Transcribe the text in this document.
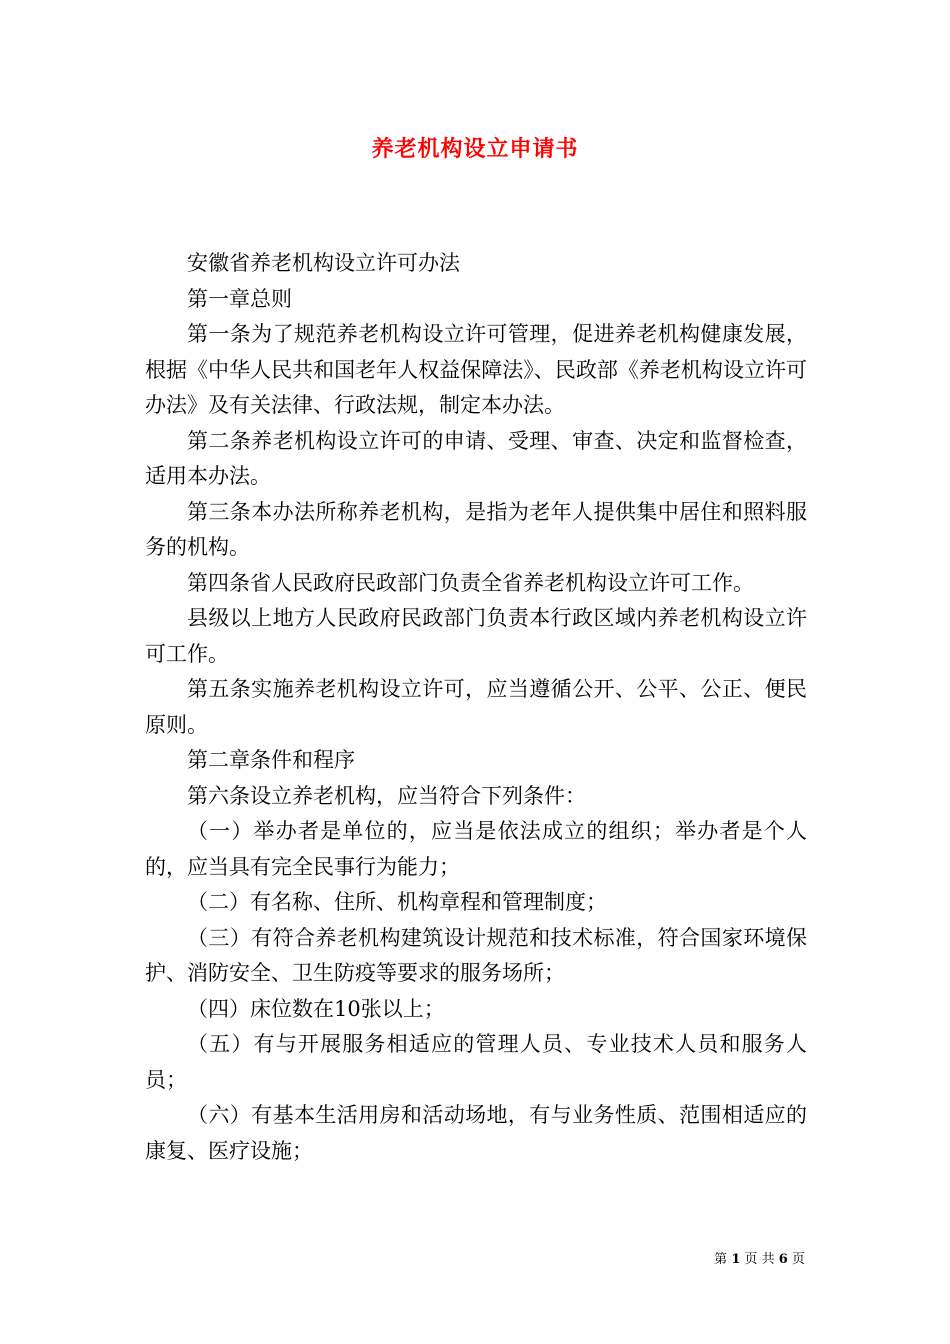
养老机构设立申请书

安徽省养老机构设立许可办法

第一章总则

第一条为了规范养老机构设立许可管理，促进养老机构健康发展，根据《中华人民共和国老年人权益保障法》、民政部《养老机构设立许可办法》及有关法律、行政法规，制定本办法。

第二条养老机构设立许可的申请、受理、审查、决定和监督检查，适用本办法。

第三条本办法所称养老机构，是指为老年人提供集中居住和照料服务的机构。

第四条省人民政府民政部门负责全省养老机构设立许可工作。

县级以上地方人民政府民政部门负责本行政区域内养老机构设立许可工作。

第五条实施养老机构设立许可，应当遵循公开、公平、公正、便民原则。

第二章条件和程序

第六条设立养老机构，应当符合下列条件：

（一）举办者是单位的，应当是依法成立的组织；举办者是个人的，应当具有完全民事行为能力；

（二）有名称、住所、机构章程和管理制度；

（三）有符合养老机构建筑设计规范和技术标准，符合国家环境保护、消防安全、卫生防疫等要求的服务场所；

（四）床位数在10张以上；

（五）有与开展服务相适应的管理人员、专业技术人员和服务人员；

（六）有基本生活用房和活动场地，有与业务性质、范围相适应的康复、医疗设施；

第 1 页 共 6 页
